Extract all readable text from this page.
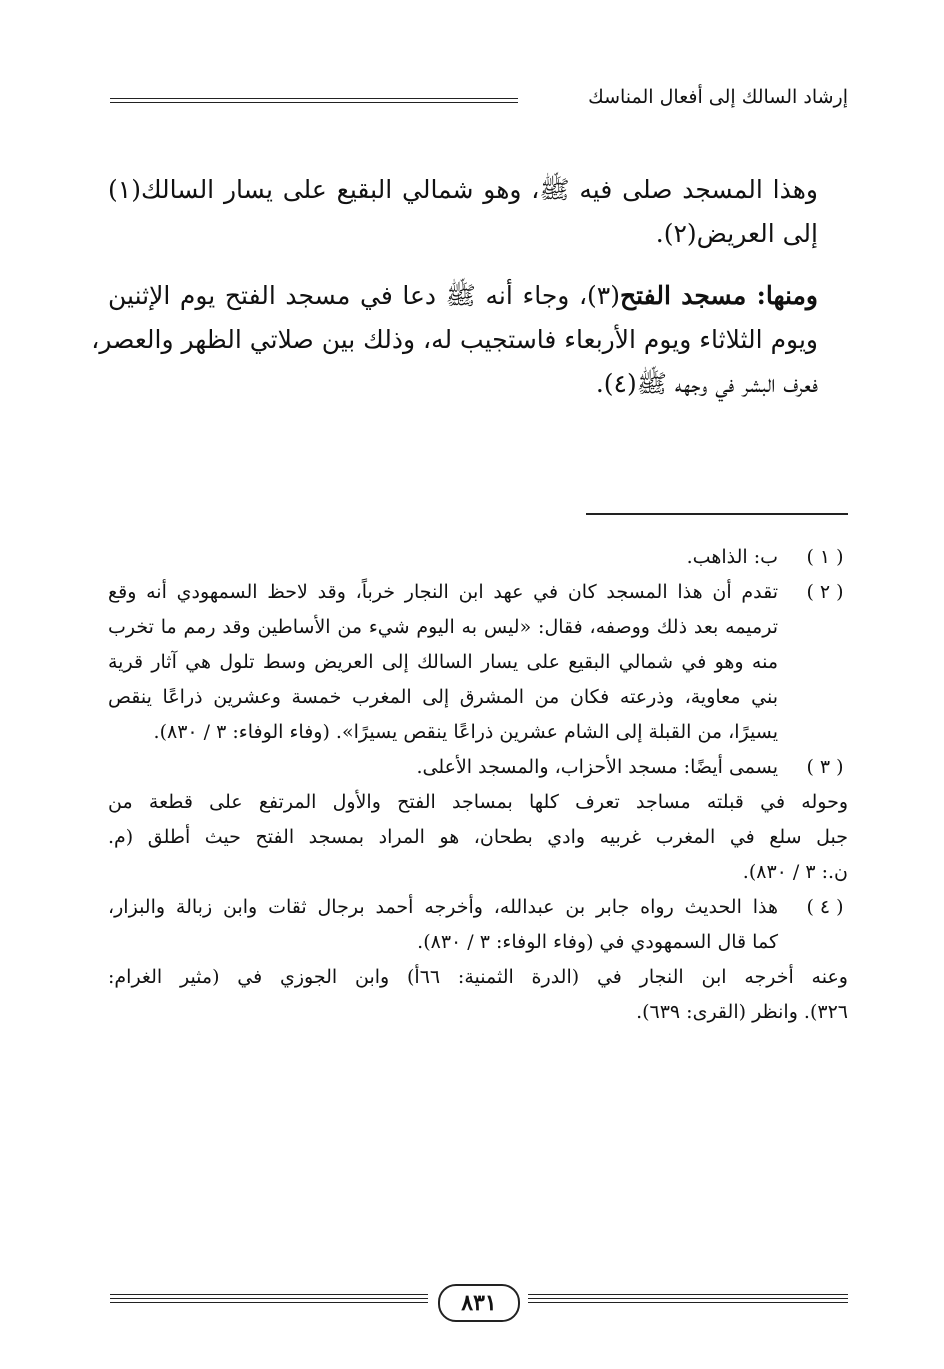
إرشاد السالك إلى أفعال المناسك

وهذا المسجد صلى فيه ﷺ، وهو شمالي البقيع على يسار السالك(١)
إلى العريض(٢).

ومنها: مسجد الفتح(٣)، وجاء أنه ﷺ دعا في مسجد الفتح يوم الإثنين
ويوم الثلاثاء ويوم الأربعاء فاستجيب له، وذلك بين صلاتي الظهر والعصر،
فعرف البشر في وجهه ﷺ(٤).

( ١ )
ب: الذاهب.
( ٢ )
تقدم أن هذا المسجد كان في عهد ابن النجار خرباً، وقد لاحظ السمهودي أنه وقع
ترميمه بعد ذلك ووصفه، فقال: «ليس به اليوم شيء من الأساطين وقد رمم ما تخرب
منه وهو في شمالي البقيع على يسار السالك إلى العريض وسط تلول هي آثار قرية
بني معاوية، وذرعته فكان من المشرق إلى المغرب خمسة وعشرين ذراعًا ينقص
يسيرًا، من القبلة إلى الشام عشرين ذراعًا ينقص يسيرًا». (وفاء الوفاء: ٣ / ٨٣٠).
( ٣ )
يسمى أيضًا: مسجد الأحزاب، والمسجد الأعلى.
وحوله في قبلته مساجد تعرف كلها بمساجد الفتح والأول المرتفع على قطعة من
جبل سلع في المغرب غربيه وادي بطحان، هو المراد بمسجد الفتح حيث أطلق (م.
ن.: ٣ / ٨٣٠).
( ٤ )
هذا الحديث رواه جابر بن عبدالله، وأخرجه أحمد برجال ثقات وابن زبالة والبزار،
كما قال السمهودي في (وفاء الوفاء: ٣ / ٨٣٠).
وعنه أخرجه ابن النجار في (الدرة الثمنية: ٦٦أ) وابن الجوزي في (مثير الغرام:
٣٢٦). وانظر (القرى: ٦٣٩).
٨٣١
